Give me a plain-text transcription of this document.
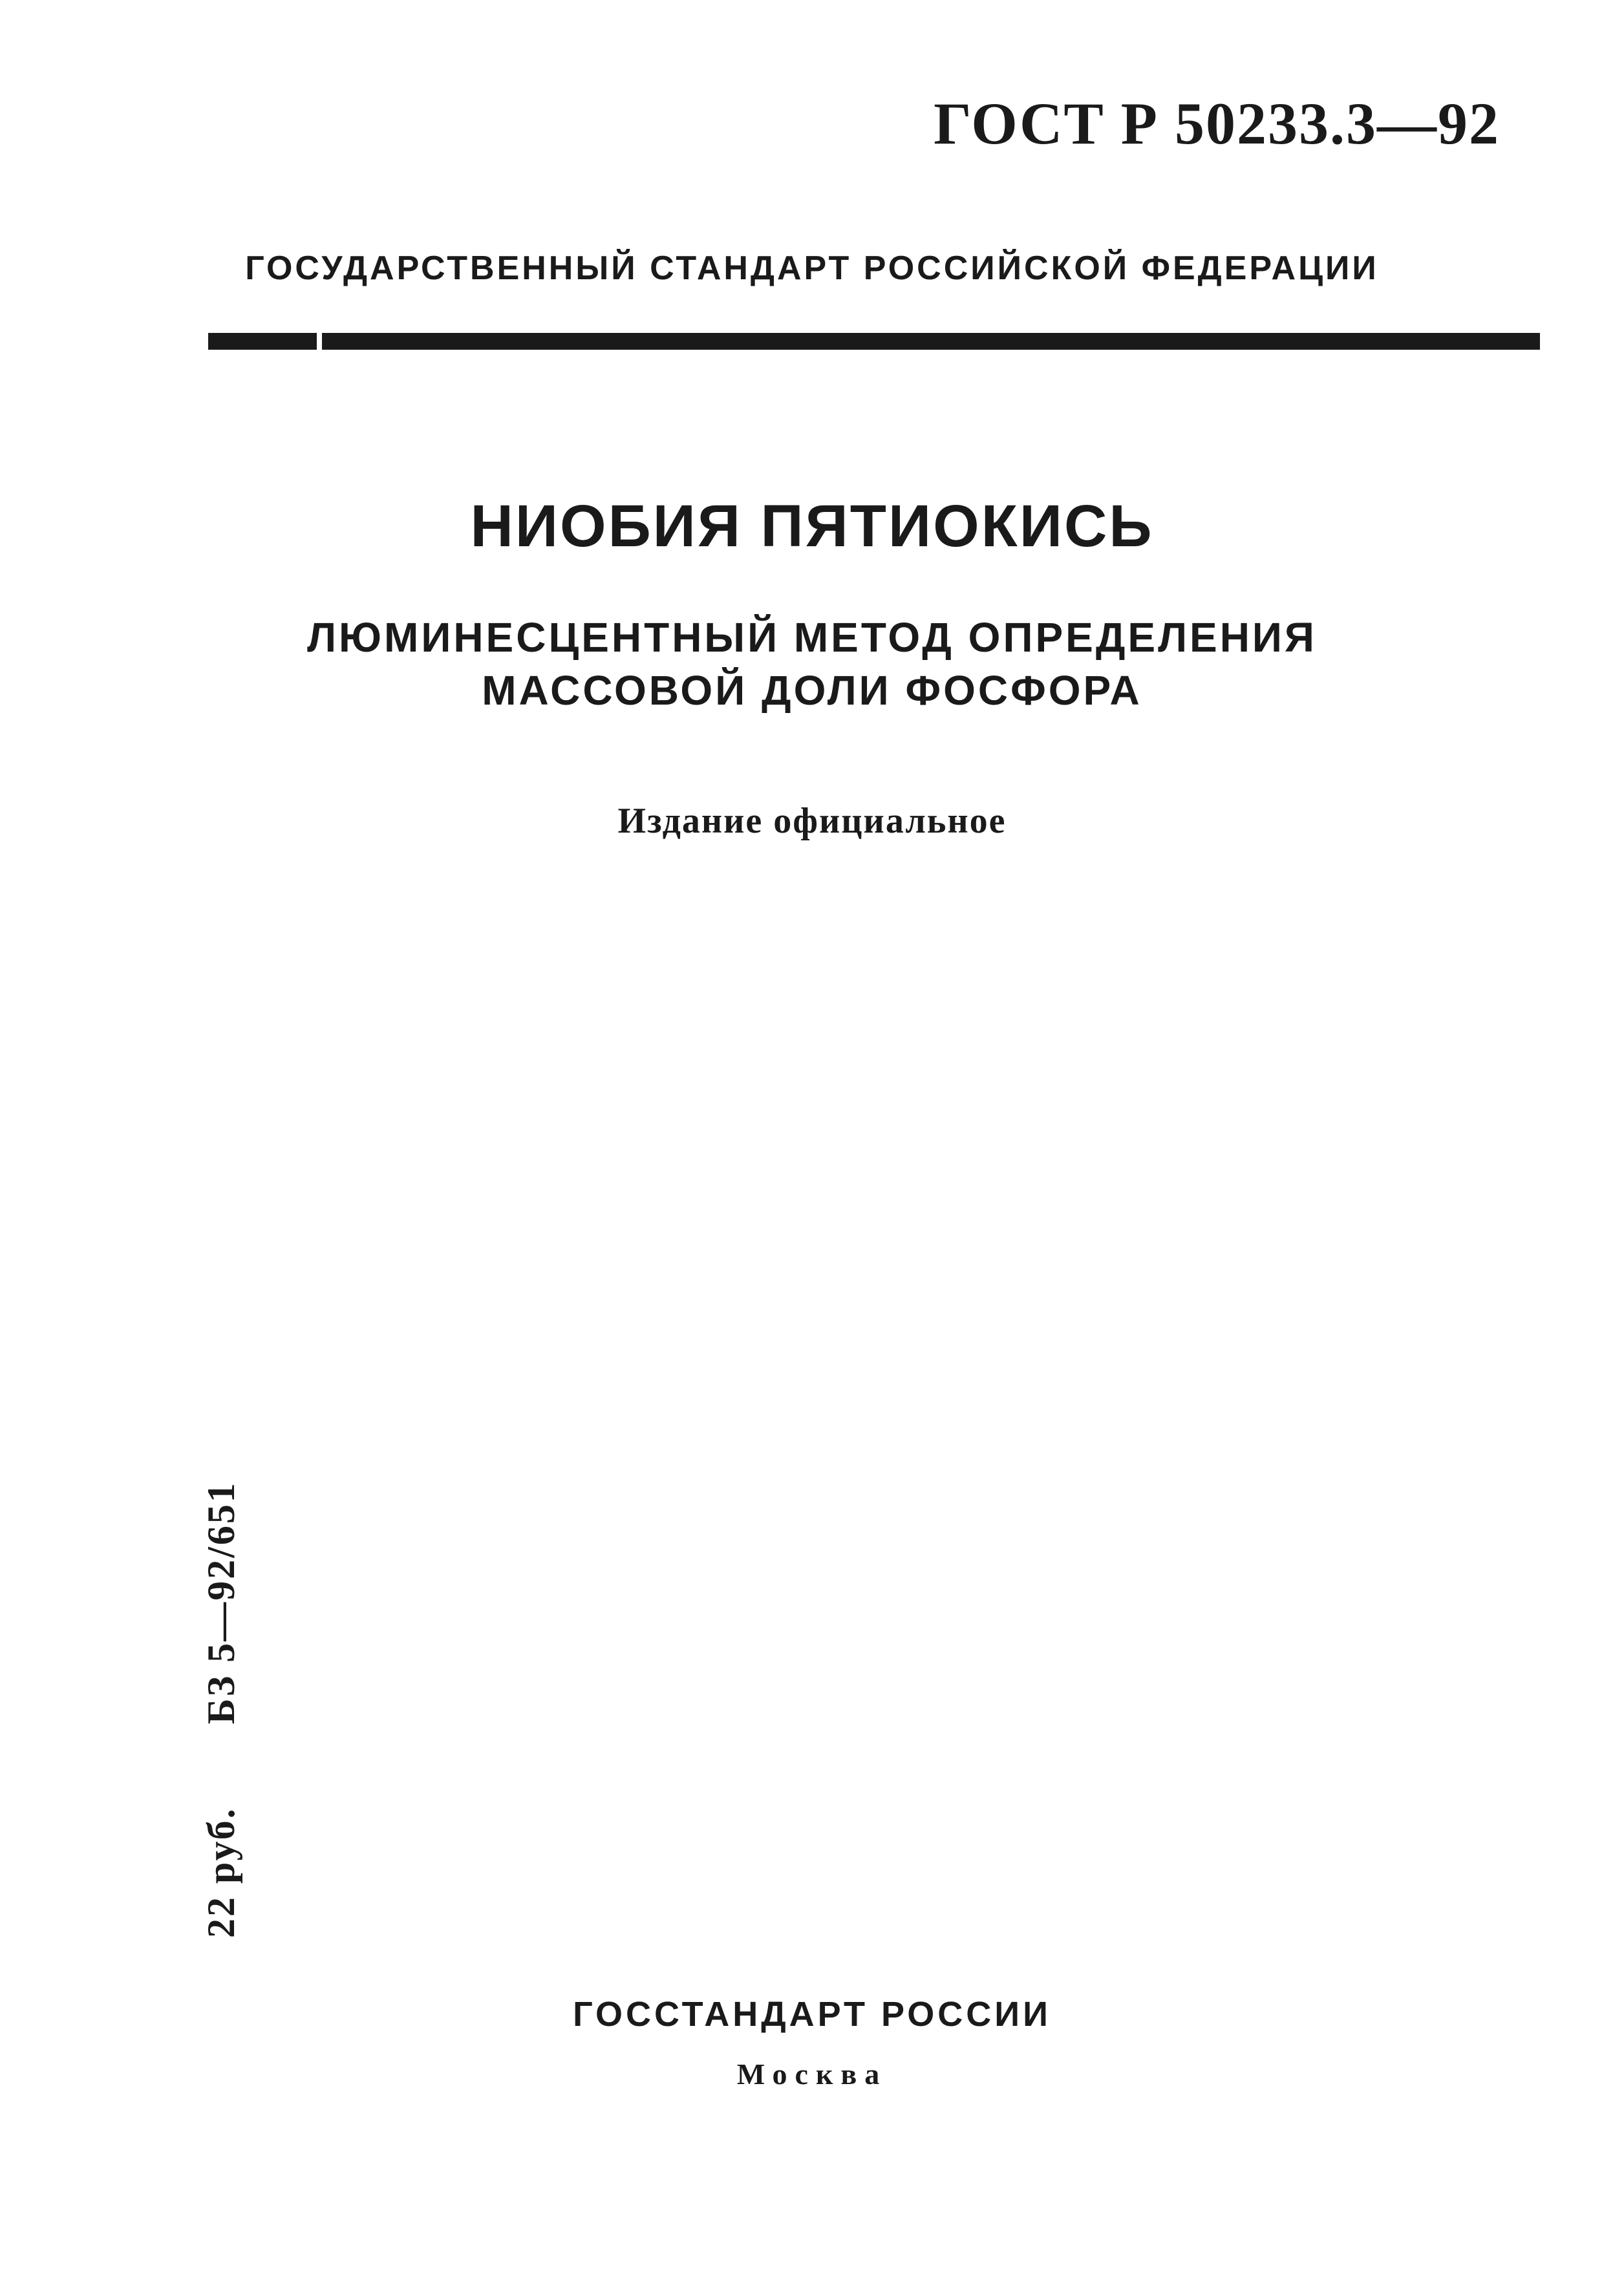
ГОСТ Р 50233.3—92
ГОСУДАРСТВЕННЫЙ СТАНДАРТ РОССИЙСКОЙ ФЕДЕРАЦИИ
НИОБИЯ ПЯТИОКИСЬ
ЛЮМИНЕСЦЕНТНЫЙ МЕТОД ОПРЕДЕЛЕНИЯ
МАССОВОЙ ДОЛИ ФОСФОРА
Издание официальное
22 руб. БЗ 5—92/651
ГОССТАНДАРТ РОССИИ
Москва
